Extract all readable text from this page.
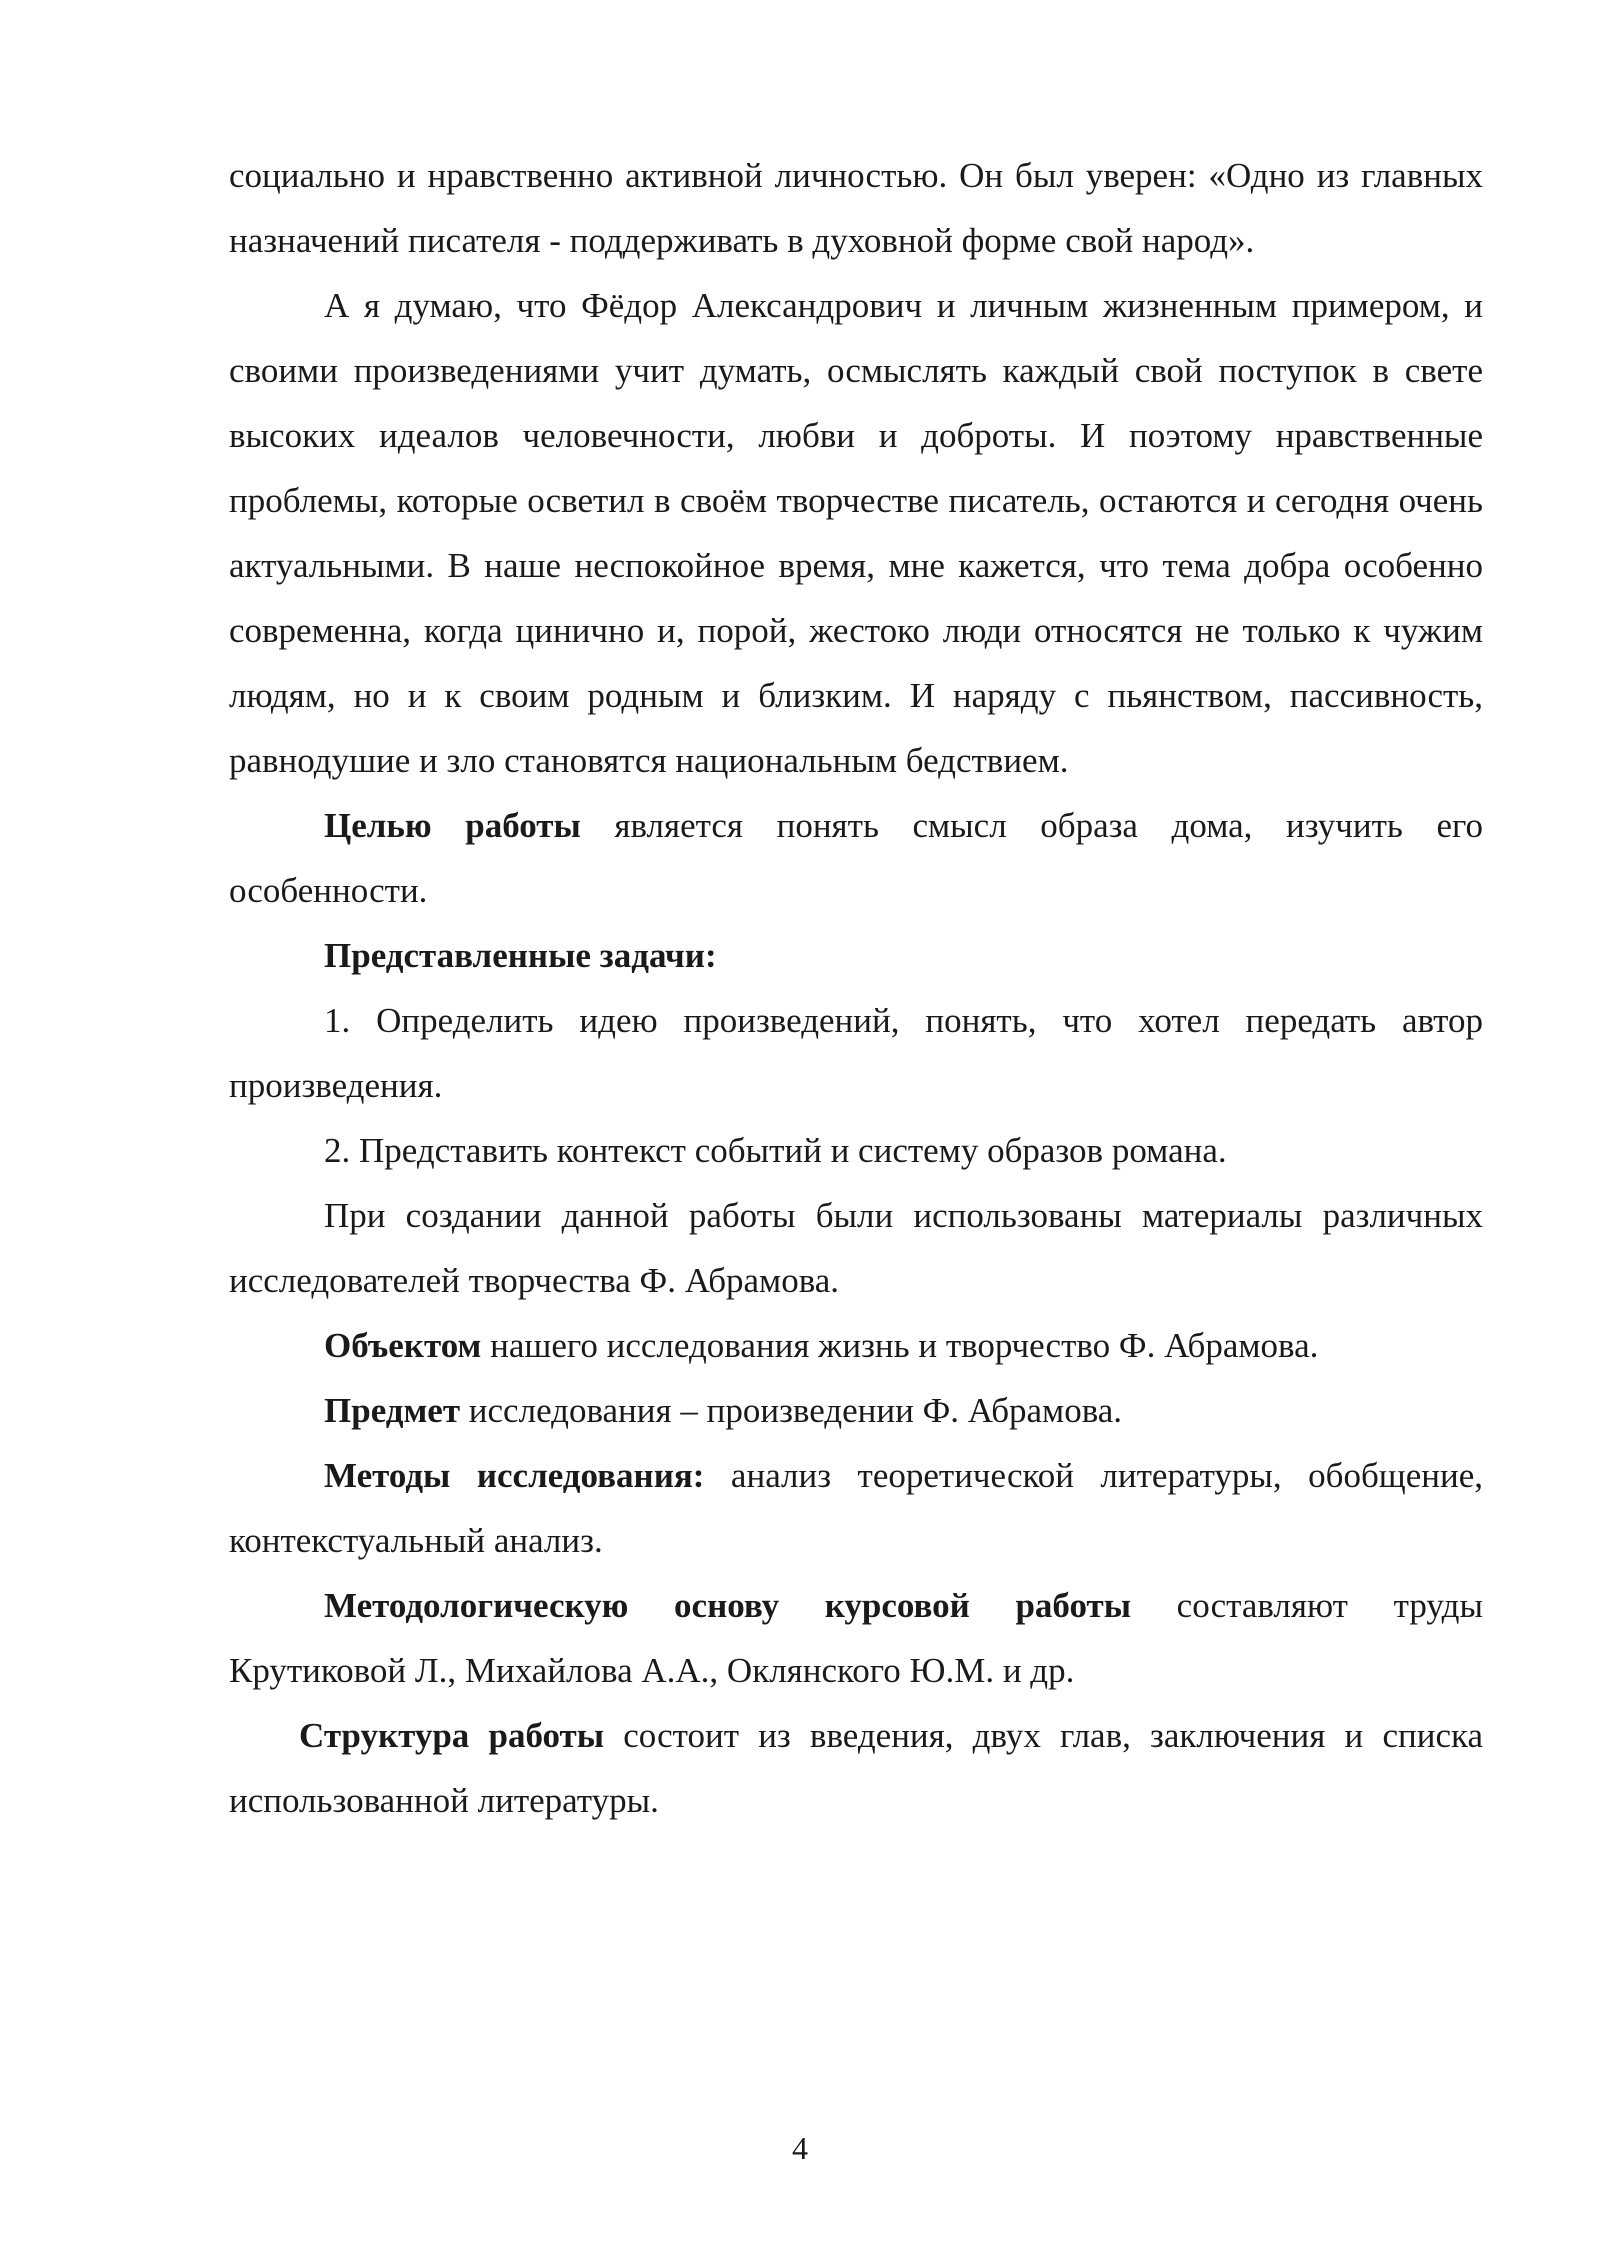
социально и нравственно активной личностью. Он был уверен: «Одно из главных назначений писателя - поддерживать в духовной форме свой народ».

А я думаю, что Фёдор Александрович и личным жизненным примером, и своими произведениями учит думать, осмыслять каждый свой поступок в свете высоких идеалов человечности, любви и доброты. И поэтому нравственные проблемы, которые осветил в своём творчестве писатель, остаются и сегодня очень актуальными. В наше неспокойное время, мне кажется, что тема добра особенно современна, когда цинично и, порой, жестоко люди относятся не только к чужим людям, но и к своим родным и близким. И наряду с пьянством, пассивность, равнодушие и зло становятся национальным бедствием.

Целью работы является понять смысл образа дома, изучить его особенности.

Представленные задачи:

1. Определить идею произведений, понять, что хотел передать автор произведения.

2. Представить контекст событий и систему образов романа.

При создании данной работы были использованы материалы различных исследователей творчества Ф. Абрамова.

Объектом нашего исследования жизнь и творчество Ф. Абрамова.

Предмет исследования – произведении Ф. Абрамова.

Методы исследования: анализ теоретической литературы, обобщение, контекстуальный анализ.

Методологическую основу курсовой работы составляют труды Крутиковой Л., Михайлова А.А., Оклянского Ю.М. и др.

Структура работы состоит из введения, двух глав, заключения и списка использованной литературы.

4
